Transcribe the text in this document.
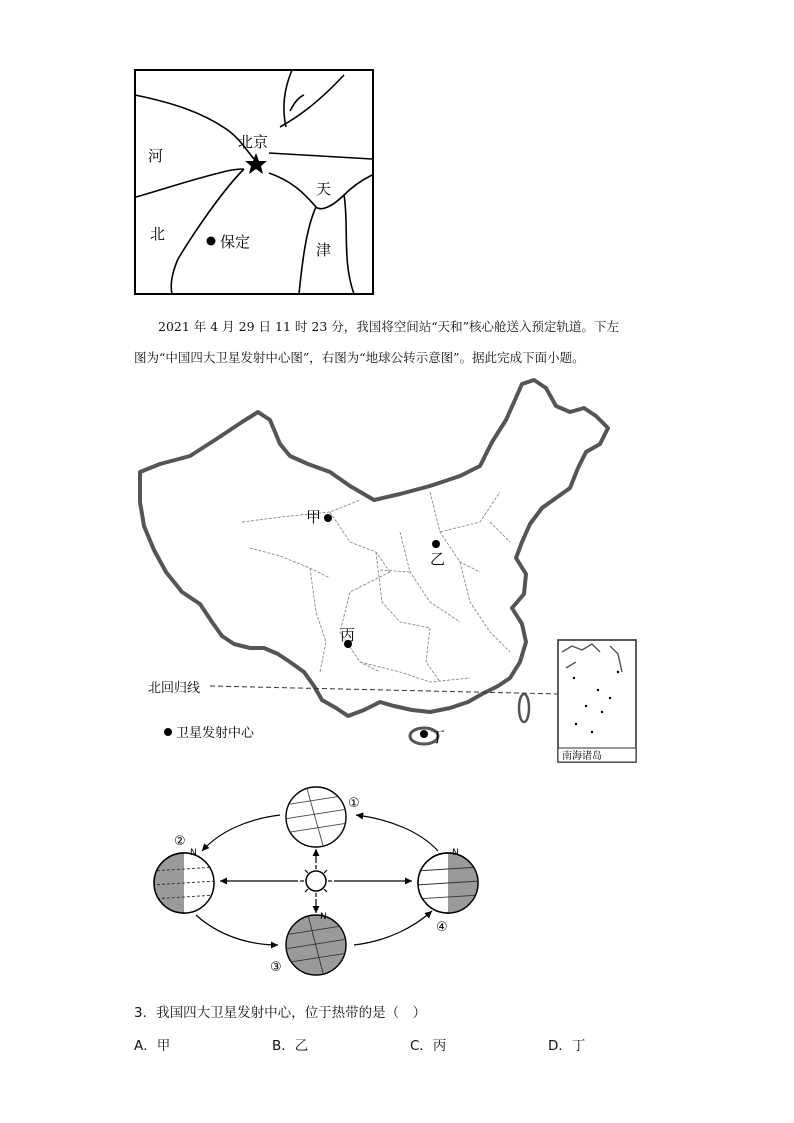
北京
河
北	保定
天
津
2021 年 4 月 29 日 11 时 23 分，我国将空间站“天和”核心舱送入预定轨道。下左
图为“中国四大卫星发射中心图”，右图为“地球公转示意图”。据此完成下面小题。
甲
乙
丙
丁
北回归线
卫星发射中心
南海诸岛
N
N
N
①
②
③
④
3．我国四大卫星发射中心，位于热带的是（　）
A．甲	B．乙	C．丙	D．丁
